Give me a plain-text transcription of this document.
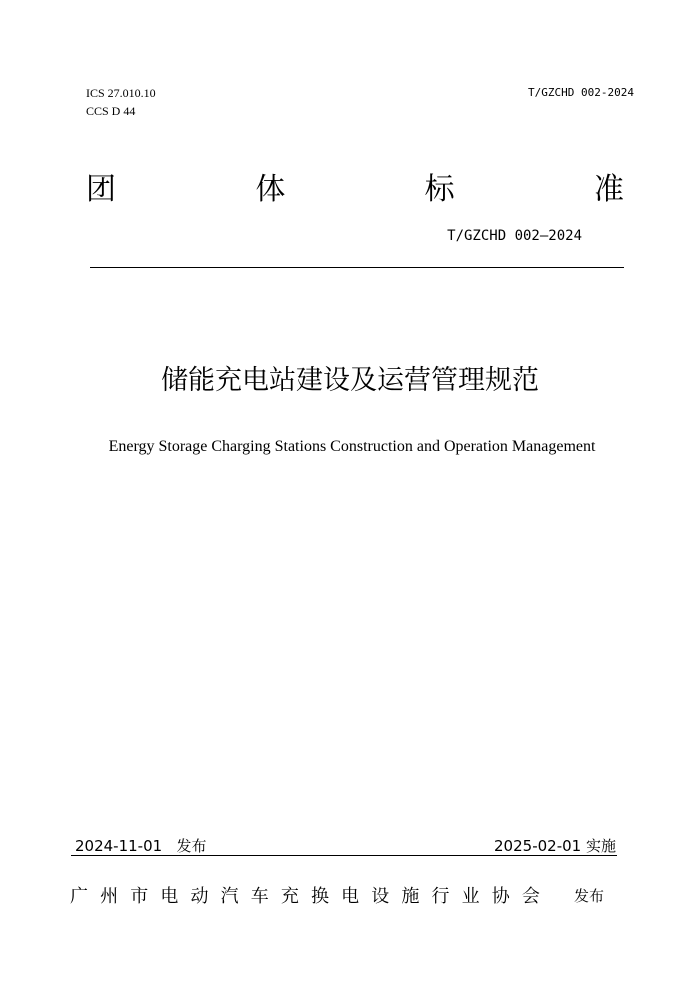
ICS 27.010.10
CCS D 44
T/GZCHD 002-2024
团	体	标	准
T/GZCHD 002—2024
储能充电站建设及运营管理规范
Energy Storage Charging Stations Construction and Operation Management
2024-11-01 发布	2025-02-01 实施
广 州 市 电 动 汽 车 充 换 电 设 施 行 业 协 会 发布
